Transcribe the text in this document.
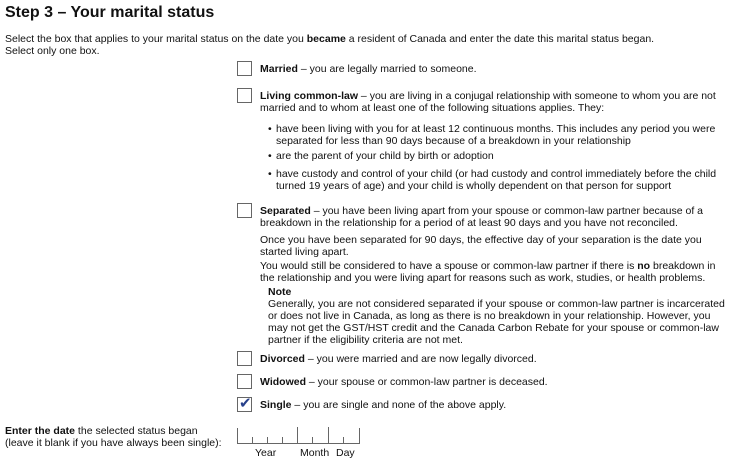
Step 3 – Your marital status
Select the box that applies to your marital status on the date you became a resident of Canada and enter the date this marital status began.
Select only one box.
Married – you are legally married to someone.
Living common-law – you are living in a conjugal relationship with someone to whom you are not married and to whom at least one of the following situations applies. They:
• have been living with you for at least 12 continuous months. This includes any period you were separated for less than 90 days because of a breakdown in your relationship
• are the parent of your child by birth or adoption
• have custody and control of your child (or had custody and control immediately before the child turned 19 years of age) and your child is wholly dependent on that person for support
Separated – you have been living apart from your spouse or common-law partner because of a breakdown in the relationship for a period of at least 90 days and you have not reconciled.
Once you have been separated for 90 days, the effective day of your separation is the date you started living apart.
You would still be considered to have a spouse or common-law partner if there is no breakdown in the relationship and you were living apart for reasons such as work, studies, or health problems.
Note
Generally, you are not considered separated if your spouse or common-law partner is incarcerated or does not live in Canada, as long as there is no breakdown in your relationship. However, you may not get the GST/HST credit and the Canada Carbon Rebate for your spouse or common-law partner if the eligibility criteria are not met.
Divorced – you were married and are now legally divorced.
Widowed – your spouse or common-law partner is deceased.
✔ Single – you are single and none of the above apply.
Enter the date the selected status began
(leave it blank if you have always been single):
Year Month Day
